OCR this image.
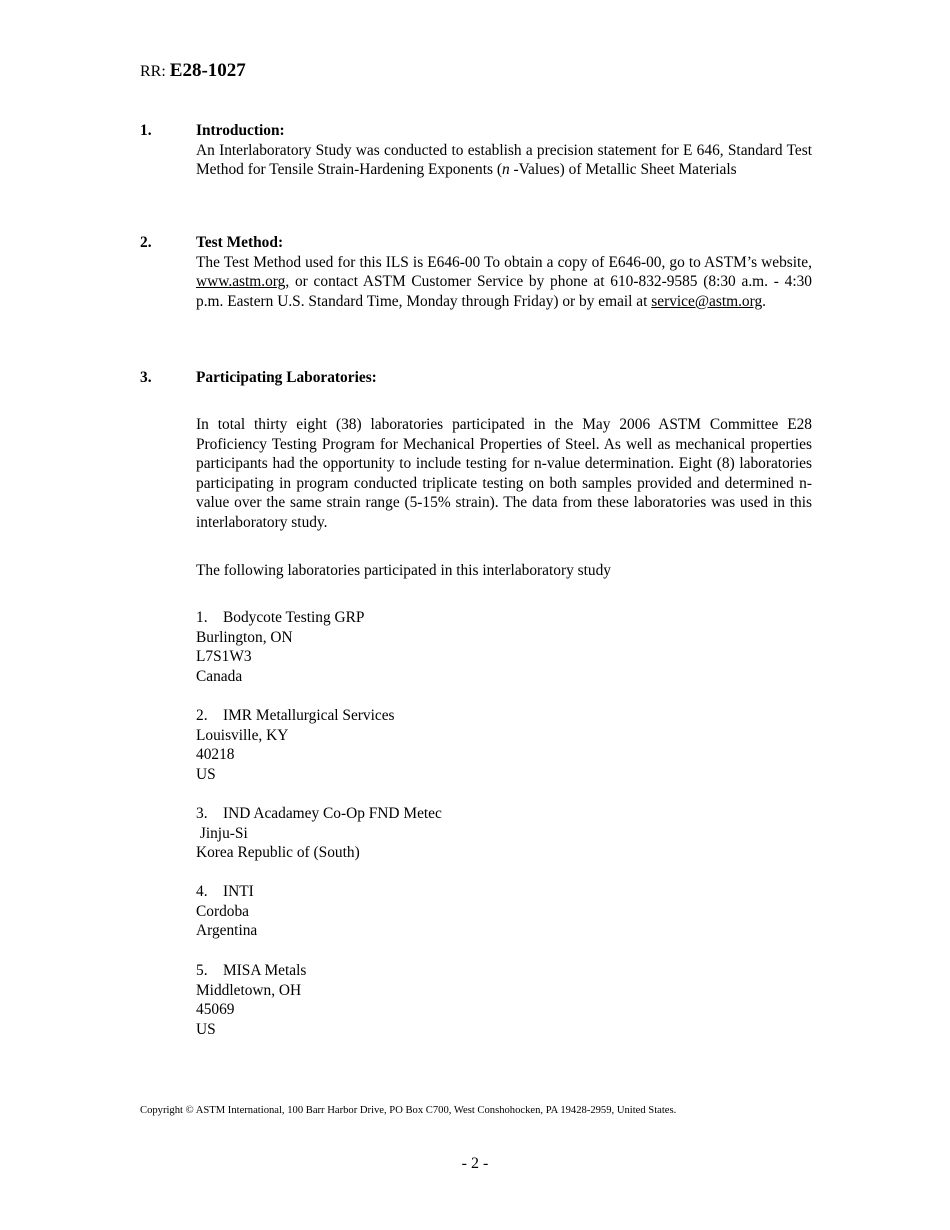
RR: E28-1027
1.	Introduction:
An Interlaboratory Study was conducted to establish a precision statement for E 646, Standard Test Method for Tensile Strain-Hardening Exponents (n -Values) of Metallic Sheet Materials
2.	Test Method:
The Test Method used for this ILS is E646-00 To obtain a copy of E646-00, go to ASTM’s website, www.astm.org, or contact ASTM Customer Service by phone at 610-832-9585 (8:30 a.m. - 4:30 p.m. Eastern U.S. Standard Time, Monday through Friday) or by email at service@astm.org.
3.	Participating Laboratories:
In total thirty eight (38) laboratories participated in the May 2006 ASTM Committee E28 Proficiency Testing Program for Mechanical Properties of Steel. As well as mechanical properties participants had the opportunity to include testing for n-value determination. Eight (8) laboratories participating in program conducted triplicate testing on both samples provided and determined n-value over the same strain range (5-15% strain). The data from these laboratories was used in this interlaboratory study.
The following laboratories participated in this interlaboratory study
1. Bodycote Testing GRP
Burlington, ON
L7S1W3
Canada
2. IMR Metallurgical Services
Louisville, KY
40218
US
3. IND Acadamey Co-Op FND Metec
Jinju-Si
Korea Republic of (South)
4. INTI
Cordoba
Argentina
5. MISA Metals
Middletown, OH
45069
US
Copyright © ASTM International, 100 Barr Harbor Drive, PO Box C700, West Conshohocken, PA 19428-2959, United States.
- 2 -
